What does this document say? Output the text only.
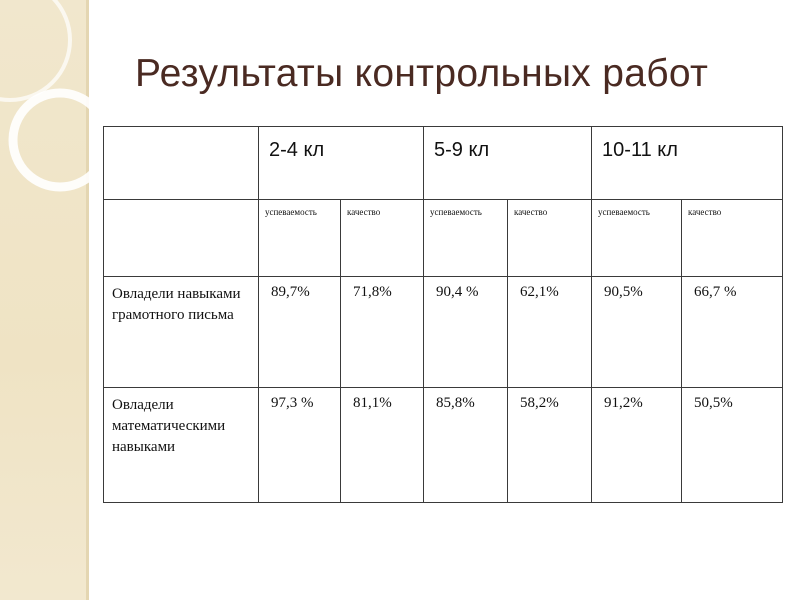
Результаты контрольных работ
	2-4 кл		5-9 кл		10-11 кл	
	успеваемость	качество	успеваемость	качество	успеваемость	качество
Овладели навыками грамотного письма	89,7%	71,8%	90,4 %	62,1%	90,5%	66,7 %
Овладели математическими навыками	97,3 %	81,1%	85,8%	58,2%	91,2%	50,5%
